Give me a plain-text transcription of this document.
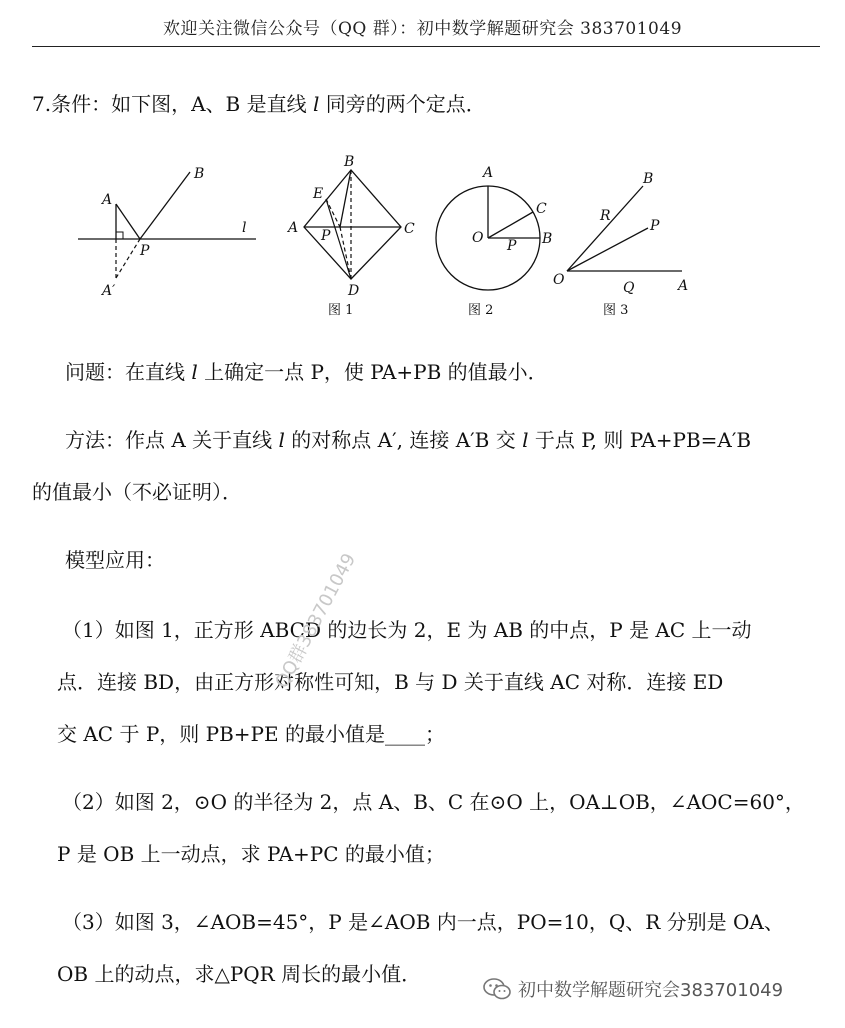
欢迎关注微信公众号（QQ 群）：初中数学解题研究会 383701049
7.条件：如下图，A、B 是直线 l 同旁的两个定点．
A
B
P
A′
l
B
E
A P	C
D
图 1
A
C
O P B
图 2
B
R
P
O	Q	A
图 3
问题：在直线 l 上确定一点 P，使 PA+PB 的值最小．
方法：作点 A 关于直线 l 的对称点 A′, 连接 A′B 交 l 于点 P, 则 PA+PB=A′B
的值最小（不必证明）．
模型应用：
（1）如图 1，正方形 ABCD 的边长为 2，E 为 AB 的中点，P 是 AC 上一动
点．连接 BD，由正方形对称性可知，B 与 D 关于直线 AC 对称．连接 ED
交 AC 于 P，则 PB+PE 的最小值是____；
（2）如图 2，⊙O 的半径为 2，点 A、B、C 在⊙O 上，OA⊥OB，∠AOC=60°，
P 是 OB 上一动点，求 PA+PC 的最小值；
（3）如图 3，∠AOB=45°，P 是∠AOB 内一点，PO=10，Q、R 分别是 OA、
OB 上的动点，求△PQR 周长的最小值．
QQ群383701049
初中数学解题研究会383701049
